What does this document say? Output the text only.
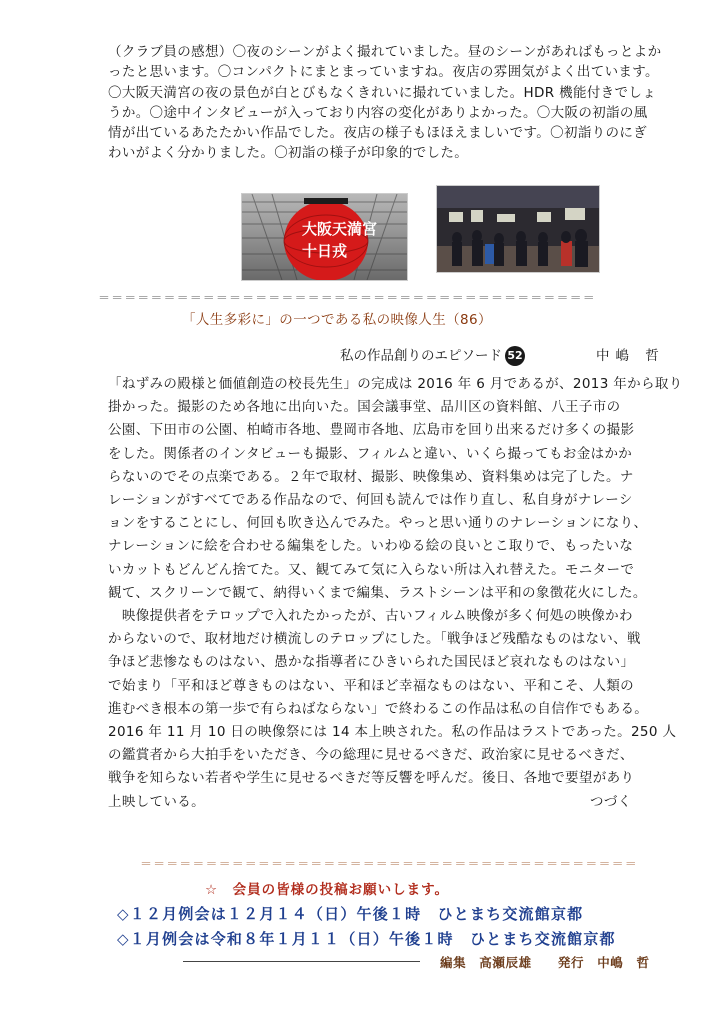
（クラブ員の感想）〇夜のシーンがよく撮れていました。昼のシーンがあればもっとよか

ったと思います。〇コンパクトにまとまっていますね。夜店の雰囲気がよく出ています。

〇大阪天満宮の夜の景色が白とびもなくきれいに撮れていました。HDR 機能付きでしょ

うか。〇途中インタビューが入っており内容の変化がありよかった。〇大阪の初詣の風

情が出ているあたたかい作品でした。夜店の様子もほほえましいです。〇初詣りのにぎ

わいがよく分かりました。〇初詣の様子が印象的でした。

大阪天満宮
十日戎
＝＝＝＝＝＝＝＝＝＝＝＝＝＝＝＝＝＝＝＝＝＝＝＝＝＝＝＝＝＝＝＝＝＝＝＝＝＝
「人生多彩に」の一つである私の映像人生（86）
私の作品創りのエピソード 52	中嶋 哲

「ねずみの殿様と価値創造の校長先生」の完成は 2016 年 6 月であるが、2013 年から取り

掛かった。撮影のため各地に出向いた。国会議事堂、品川区の資料館、八王子市の

公園、下田市の公園、柏崎市各地、豊岡市各地、広島市を回り出来るだけ多くの撮影

をした。関係者のインタビューも撮影、フィルムと違い、いくら撮ってもお金はかか

らないのでその点楽である。２年で取材、撮影、映像集め、資料集めは完了した。ナ

レーションがすべてである作品なので、何回も読んでは作り直し、私自身がナレーシ

ョンをすることにし、何回も吹き込んでみた。やっと思い通りのナレーションになり、

ナレーションに絵を合わせる編集をした。いわゆる絵の良いとこ取りで、もったいな

いカットもどんどん捨てた。又、観てみて気に入らない所は入れ替えた。モニターで

観て、スクリーンで観て、納得いくまで編集、ラストシーンは平和の象徴花火にした。

　映像提供者をテロップで入れたかったが、古いフィルム映像が多く何処の映像かわ

からないので、取材地だけ横流しのテロップにした。「戦争ほど残酷なものはない、戦

争ほど悲惨なものはない、愚かな指導者にひきいられた国民ほど哀れなものはない」

で始まり「平和ほど尊きものはない、平和ほど幸福なものはない、平和こそ、人類の

進むべき根本の第一歩で有らねばならない」で終わるこの作品は私の自信作でもある。

2016 年 11 月 10 日の映像祭には 14 本上映された。私の作品はラストであった。250 人

の鑑賞者から大拍手をいただき、今の総理に見せるべきだ、政治家に見せるべきだ、

戦争を知らない若者や学生に見せるべきだ等反響を呼んだ。後日、各地で要望があり

上映している。	つづく

＝＝＝＝＝＝＝＝＝＝＝＝＝＝＝＝＝＝＝＝＝＝＝＝＝＝＝＝＝＝＝＝＝＝＝＝＝＝
☆　会員の皆様の投稿お願いします。
◇１２月例会は１２月１４（日）午後１時　ひとまち交流館京都
◇１月例会は令和８年１月１１（日）午後１時　ひとまち交流館京都
編集　高瀬辰雄　　発行　中嶋　哲
